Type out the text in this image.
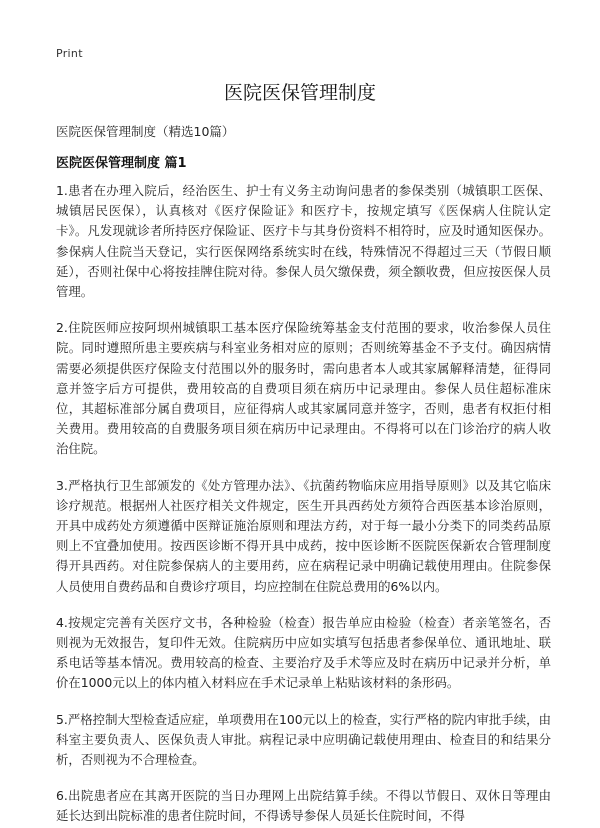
Print
医院医保管理制度
医院医保管理制度（精选10篇）
医院医保管理制度 篇1

1.患者在办理入院后，经治医生、护士有义务主动询问患者的参保类别（城镇职工医保、城镇居民医保），认真核对《医疗保险证》和医疗卡，按规定填写《医保病人住院认定卡》。凡发现就诊者所持医疗保险证、医疗卡与其身份资料不相符时，应及时通知医保办。参保病人住院当天登记，实行医保网络系统实时在线，特殊情况不得超过三天（节假日顺延），否则社保中心将按挂牌住院对待。参保人员欠缴保费，须全额收费，但应按医保人员管理。

2.住院医师应按阿坝州城镇职工基本医疗保险统筹基金支付范围的要求，收治参保人员住院。同时遵照所患主要疾病与科室业务相对应的原则；否则统筹基金不予支付。确因病情需要必须提供医疗保险支付范围以外的服务时，需向患者本人或其家属解释清楚，征得同意并签字后方可提供，费用较高的自费项目须在病历中记录理由。参保人员住超标准床位，其超标准部分属自费项目，应征得病人或其家属同意并签字，否则，患者有权拒付相关费用。费用较高的自费服务项目须在病历中记录理由。不得将可以在门诊治疗的病人收治住院。

3.严格执行卫生部颁发的《处方管理办法》、《抗菌药物临床应用指导原则》以及其它临床诊疗规范。根据州人社医疗相关文件规定，医生开具西药处方须符合西医基本诊治原则，开具中成药处方须遵循中医辩证施治原则和理法方药，对于每一最小分类下的同类药品原则上不宜叠加使用。按西医诊断不得开具中成药，按中医诊断不医院医保新农合管理制度得开具西药。对住院参保病人的主要用药，应在病程记录中明确记载使用理由。住院参保人员使用自费药品和自费诊疗项目，均应控制在住院总费用的6%以内。

4.按规定完善有关医疗文书，各种检验（检查）报告单应由检验（检查）者亲笔签名，否则视为无效报告，复印件无效。住院病历中应如实填写包括患者参保单位、通讯地址、联系电话等基本情况。费用较高的检查、主要治疗及手术等应及时在病历中记录并分析，单价在1000元以上的体内植入材料应在手术记录单上粘贴该材料的条形码。

5.严格控制大型检查适应症，单项费用在100元以上的检查，实行严格的院内审批手续，由科室主要负责人、医保负责人审批。病程记录中应明确记载使用理由、检查目的和结果分析，否则视为不合理检查。

6.出院患者应在其离开医院的当日办理网上出院结算手续。不得以节假日、双休日等理由延长达到出院标准的患者住院时间，不得诱导参保人员延长住院时间，不得
